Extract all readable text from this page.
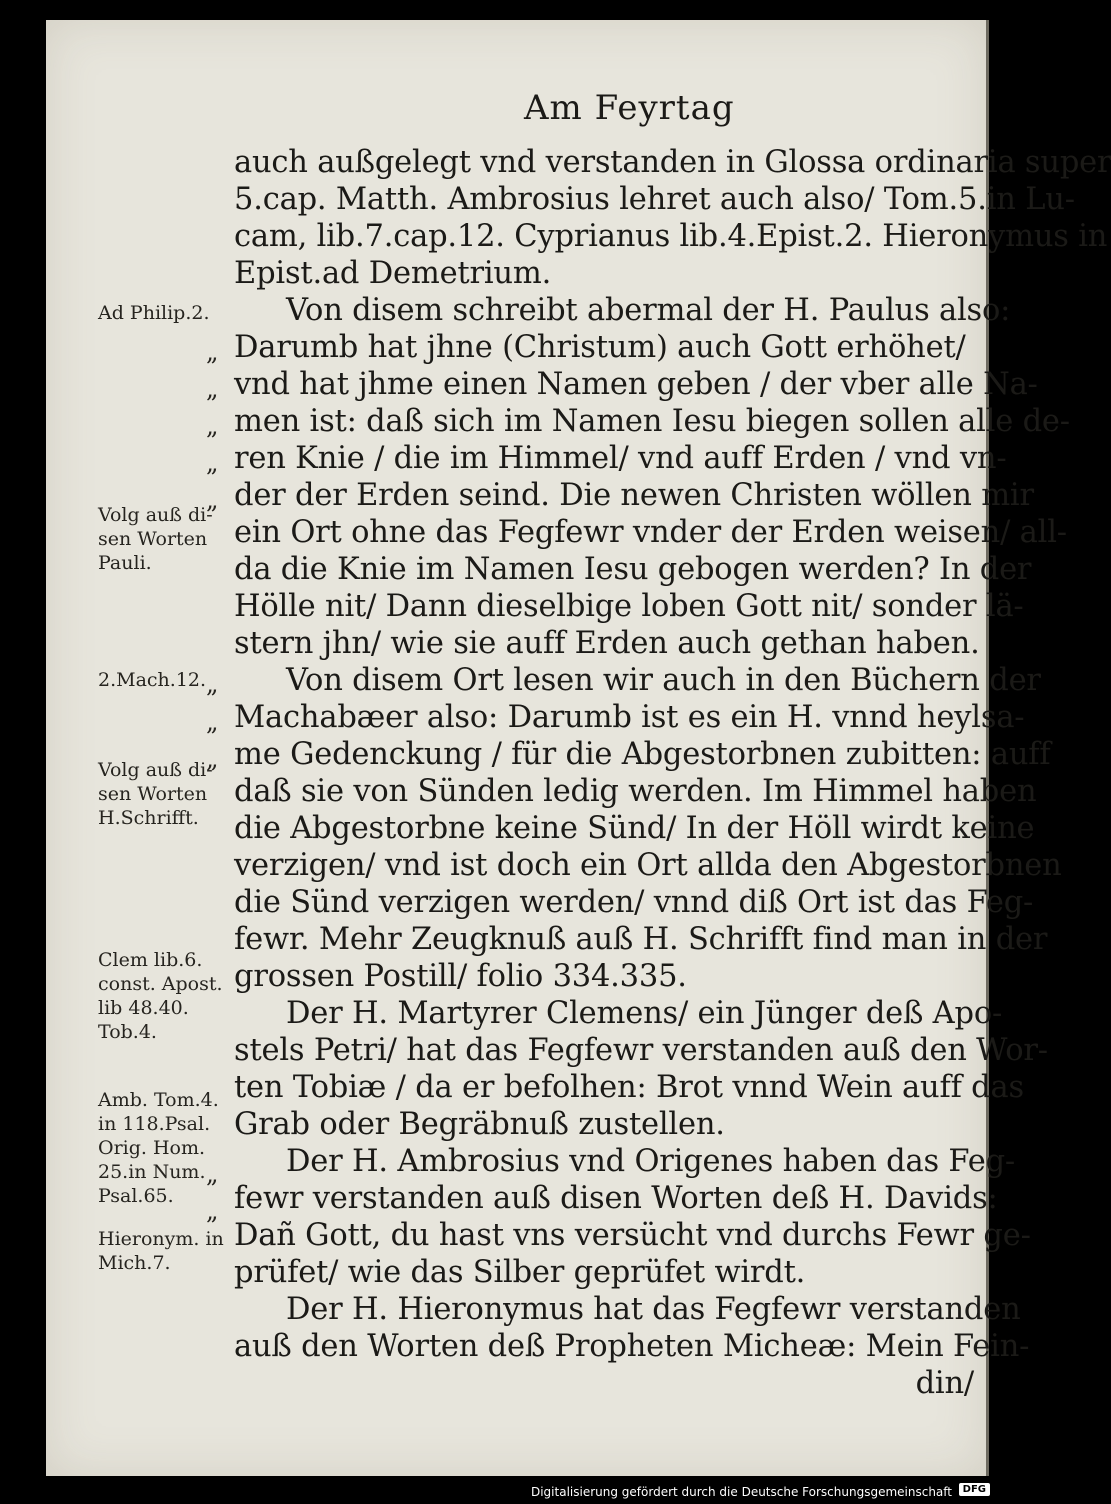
Am Feyrtag
auch außgelegt vnd verstanden in Glossa ordinaria super
5.cap. Matth. Ambrosius lehret auch also/ Tom.5.in Lu-
cam, lib.7.cap.12. Cyprianus lib.4.Epist.2. Hieronymus in
Epist.ad Demetrium.
Von disem schreibt abermal der H. Paulus also:
Darumb hat jhne (Christum) auch Gott erhöhet/
vnd hat jhme einen Namen geben / der vber alle Na-
men ist: daß sich im Namen Iesu biegen sollen alle de-
ren Knie / die im Himmel/ vnd auff Erden / vnd vn-
der der Erden seind. Die newen Christen wöllen mir
ein Ort ohne das Fegfewr vnder der Erden weisen/ all-
da die Knie im Namen Iesu gebogen werden? In der
Hölle nit/ Dann dieselbige loben Gott nit/ sonder lä-
stern jhn/ wie sie auff Erden auch gethan haben.
Von disem Ort lesen wir auch in den Büchern der
Machabæer also: Darumb ist es ein H. vnnd heylsa-
me Gedenckung / für die Abgestorbnen zubitten: auff
daß sie von Sünden ledig werden. Im Himmel haben
die Abgestorbne keine Sünd/ In der Höll wirdt keine
verzigen/ vnd ist doch ein Ort allda den Abgestorbnen
die Sünd verzigen werden/ vnnd diß Ort ist das Feg-
fewr. Mehr Zeugknuß auß H. Schrifft find man in der
grossen Postill/ folio 334.335.
Der H. Martyrer Clemens/ ein Jünger deß Apo-
stels Petri/ hat das Fegfewr verstanden auß den Wor-
ten Tobiæ / da er befolhen: Brot vnnd Wein auff das
Grab oder Begräbnuß zustellen.
Der H. Ambrosius vnd Origenes haben das Feg-
fewr verstanden auß disen Worten deß H. Davids:
Dañ Gott, du hast vns versücht vnd durchs Fewr ge-
prüfet/ wie das Silber geprüfet wirdt.
Der H. Hieronymus hat das Fegfewr verstanden
auß den Worten deß Propheten Micheæ: Mein Fein-
din/
Ad Philip.2.
Volg auß di-
sen Worten
Pauli.
2.Mach.12.
Volg auß di-
sen Worten
H.Schrifft.
Clem lib.6.
const. Apost.
lib 48.40.
Tob.4.
Amb. Tom.4.
in 118.Psal.
Orig. Hom.
25.in Num.
Psal.65.
Hieronym. in
Mich.7.
„
„
„
„
„
„
„
„
„
„
Digitalisierung gefördert durch die Deutsche Forschungsgemeinschaft	DFG
